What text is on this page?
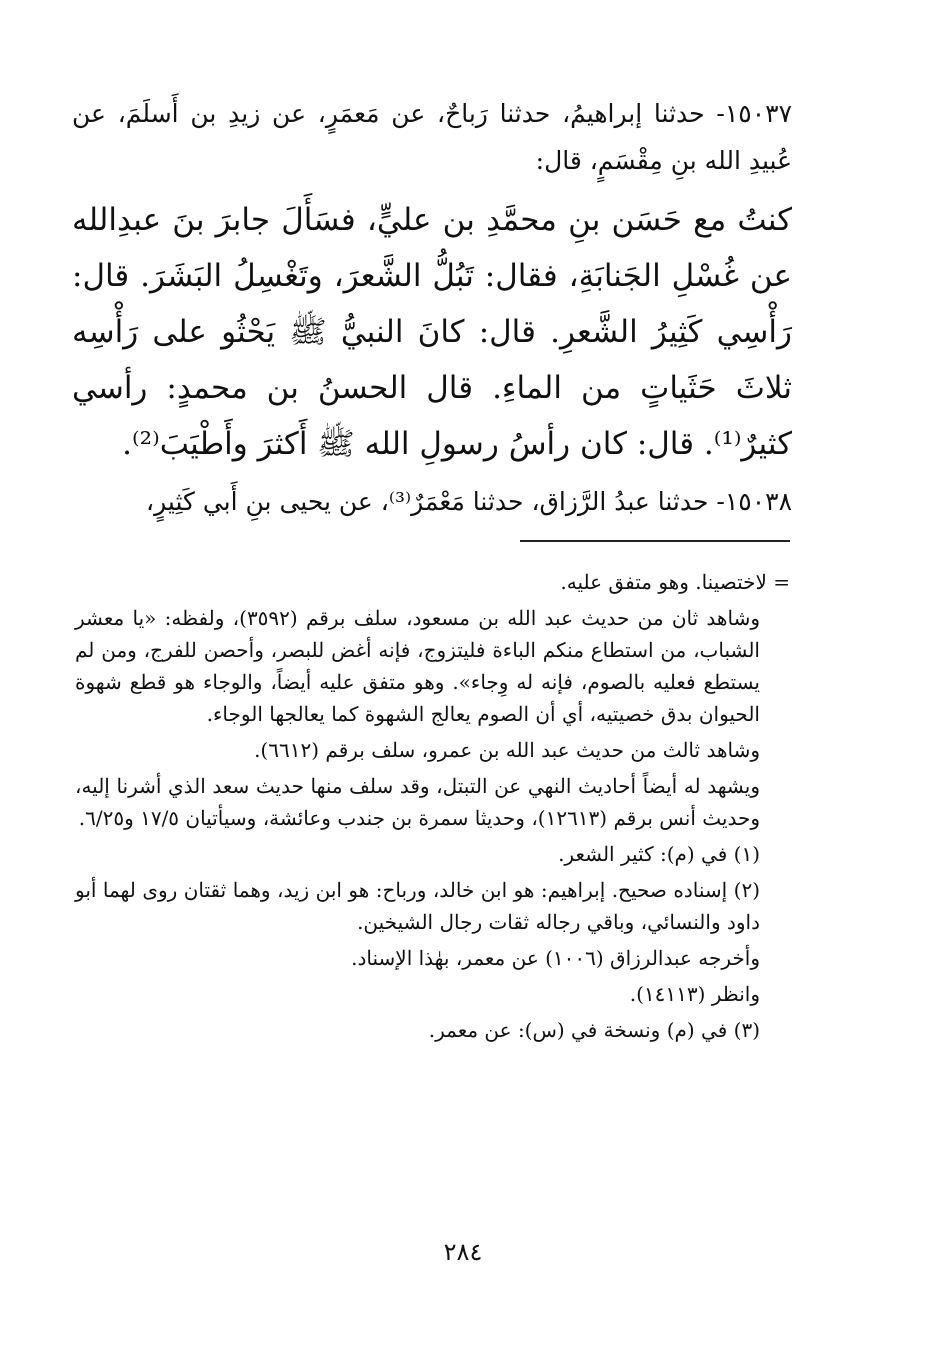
١٥٠٣٧- حدثنا إبراهيمُ، حدثنا رَباحٌ، عن مَعمَرٍ، عن زيدِ بن أَسلَمَ، عن عُبيدِ الله بنِ مِقْسَمٍ، قال:

كنتُ مع حَسَن بنِ محمَّدِ بن عليٍّ، فسَأَلَ جابرَ بنَ عبدِالله عن غُسْلِ الجَنابَةِ، فقال: تَبُلُّ الشَّعرَ، وتَغْسِلُ البَشَرَ. قال: رَأْسِي كَثِيرُ الشَّعرِ. قال: كانَ النبيُّ ﷺ يَحْثُو على رَأْسِه ثلاثَ حَثَياتٍ من الماءِ. قال الحسنُ بن محمدٍ: رأسي كثيرٌ⁽¹⁾. قال: كان رأسُ رسولِ الله ﷺ أَكثرَ وأَطْيَبَ⁽²⁾.

١٥٠٣٨- حدثنا عبدُ الرَّزاق، حدثنا مَعْمَرٌ⁽³⁾، عن يحيى بنِ أَبي كَثِيرٍ،

= لاختصينا. وهو متفق عليه.

وشاهد ثان من حديث عبد الله بن مسعود، سلف برقم (٣٥٩٢)، ولفظه: «يا معشر الشباب، من استطاع منكم الباءة فليتزوج، فإنه أغض للبصر، وأحصن للفرج، ومن لم يستطع فعليه بالصوم، فإنه له وِجاء». وهو متفق عليه أيضاً، والوجاء هو قطع شهوة الحيوان بدق خصيتيه، أي أن الصوم يعالج الشهوة كما يعالجها الوجاء.

وشاهد ثالث من حديث عبد الله بن عمرو، سلف برقم (٦٦١٢).

ويشهد له أيضاً أحاديث النهي عن التبتل، وقد سلف منها حديث سعد الذي أشرنا إليه، وحديث أنس برقم (١٢٦١٣)، وحديثا سمرة بن جندب وعائشة، وسيأتيان ١٧/٥ و٦/٢٥.

(١) في (م): كثير الشعر.

(٢) إسناده صحيح. إبراهيم: هو ابن خالد، ورباح: هو ابن زيد، وهما ثقتان روى لهما أبو داود والنسائي، وباقي رجاله ثقات رجال الشيخين.

وأخرجه عبدالرزاق (١٠٠٦) عن معمر، بهٰذا الإسناد.

وانظر (١٤١١٣).

(٣) في (م) ونسخة في (س): عن معمر.

٢٨٤
